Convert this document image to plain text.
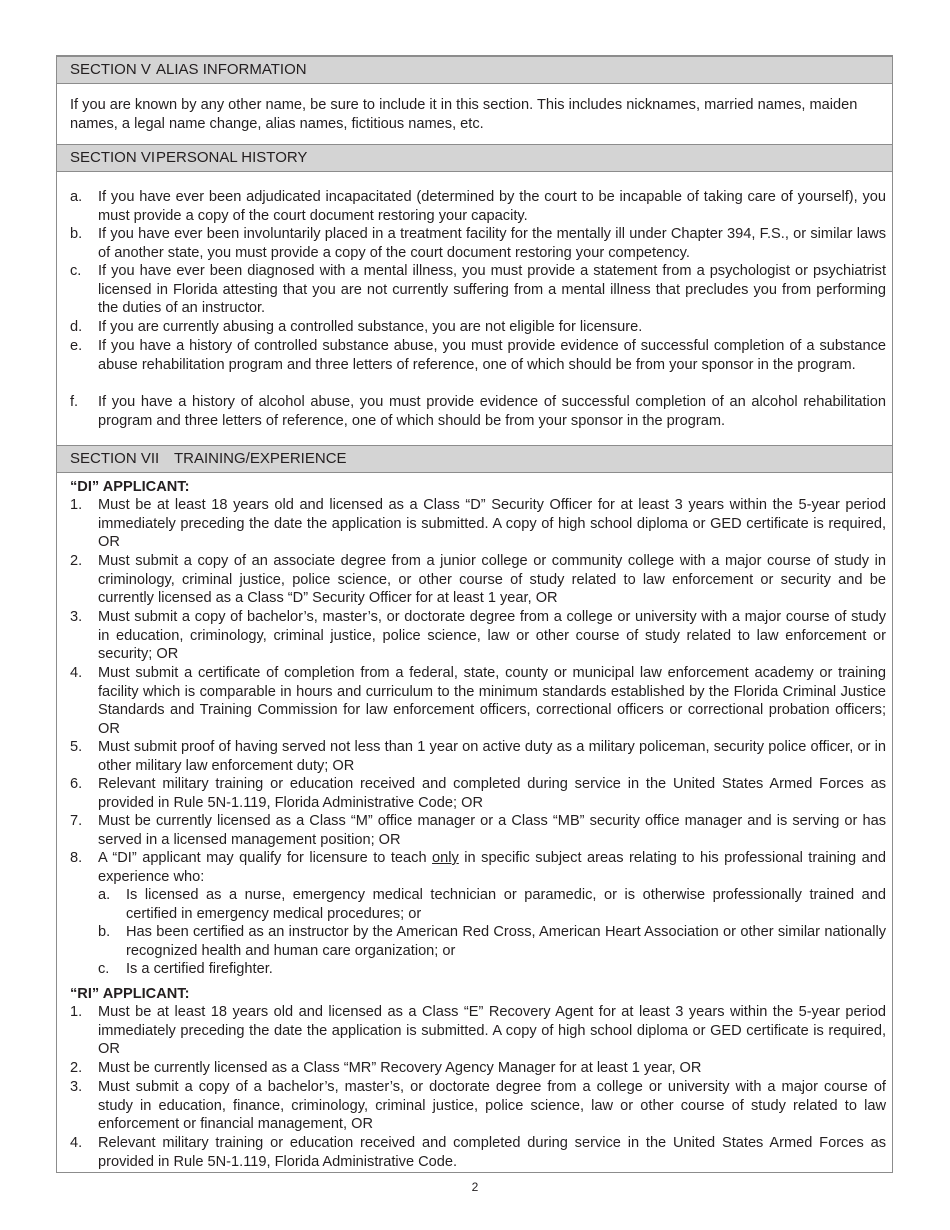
SECTION V ALIAS INFORMATION
If you are known by any other name, be sure to include it in this section. This includes nicknames, married names, maiden names, a legal name change, alias names, fictitious names, etc.
SECTION VIPERSONAL HISTORY
a. If you have ever been adjudicated incapacitated (determined by the court to be incapable of taking care of yourself), you must provide a copy of the court document restoring your capacity.
b. If you have ever been involuntarily placed in a treatment facility for the mentally ill under Chapter 394, F.S., or similar laws of another state, you must provide a copy of the court document restoring your competency.
c. If you have ever been diagnosed with a mental illness, you must provide a statement from a psychologist or psychiatrist licensed in Florida attesting that you are not currently suffering from a mental illness that precludes you from performing the duties of an instructor.
d. If you are currently abusing a controlled substance, you are not eligible for licensure.
e. If you have a history of controlled substance abuse, you must provide evidence of successful completion of a substance abuse rehabilitation program and three letters of reference, one of which should be from your sponsor in the program.
f. If you have a history of alcohol abuse, you must provide evidence of successful completion of an alcohol rehabilitation program and three letters of reference, one of which should be from your sponsor in the program.
SECTION VII TRAINING/EXPERIENCE
“DI” APPLICANT:
1. Must be at least 18 years old and licensed as a Class “D” Security Officer for at least 3 years within the 5-year period immediately preceding the date the application is submitted. A copy of high school diploma or GED certificate is required, OR
2. Must submit a copy of an associate degree from a junior college or community college with a major course of study in criminology, criminal justice, police science, or other course of study related to law enforcement or security and be currently licensed as a Class “D” Security Officer for at least 1 year, OR
3. Must submit a copy of bachelor’s, master’s, or doctorate degree from a college or university with a major course of study in education, criminology, criminal justice, police science, law or other course of study related to law enforcement or security; OR
4. Must submit a certificate of completion from a federal, state, county or municipal law enforcement academy or training facility which is comparable in hours and curriculum to the minimum standards established by the Florida Criminal Justice Standards and Training Commission for law enforcement officers, correctional officers or correctional probation officers; OR
5. Must submit proof of having served not less than 1 year on active duty as a military policeman, security police officer, or in other military law enforcement duty; OR
6. Relevant military training or education received and completed during service in the United States Armed Forces as provided in Rule 5N-1.119, Florida Administrative Code; OR
7. Must be currently licensed as a Class “M” office manager or a Class “MB” security office manager and is serving or has served in a licensed management position; OR
8. A “DI” applicant may qualify for licensure to teach only in specific subject areas relating to his professional training and experience who:
a. Is licensed as a nurse, emergency medical technician or paramedic, or is otherwise professionally trained and certified in emergency medical procedures; or
b. Has been certified as an instructor by the American Red Cross, American Heart Association or other similar nationally recognized health and human care organization; or
c. Is a certified firefighter.
“RI” APPLICANT:
1. Must be at least 18 years old and licensed as a Class “E” Recovery Agent for at least 3 years within the 5-year period immediately preceding the date the application is submitted. A copy of high school diploma or GED certificate is required, OR
2. Must be currently licensed as a Class “MR” Recovery Agency Manager for at least 1 year, OR
3. Must submit a copy of a bachelor’s, master’s, or doctorate degree from a college or university with a major course of study in education, finance, criminology, criminal justice, police science, law or other course of study related to law enforcement or financial management, OR
4. Relevant military training or education received and completed during service in the United States Armed Forces as provided in Rule 5N-1.119, Florida Administrative Code.
2
